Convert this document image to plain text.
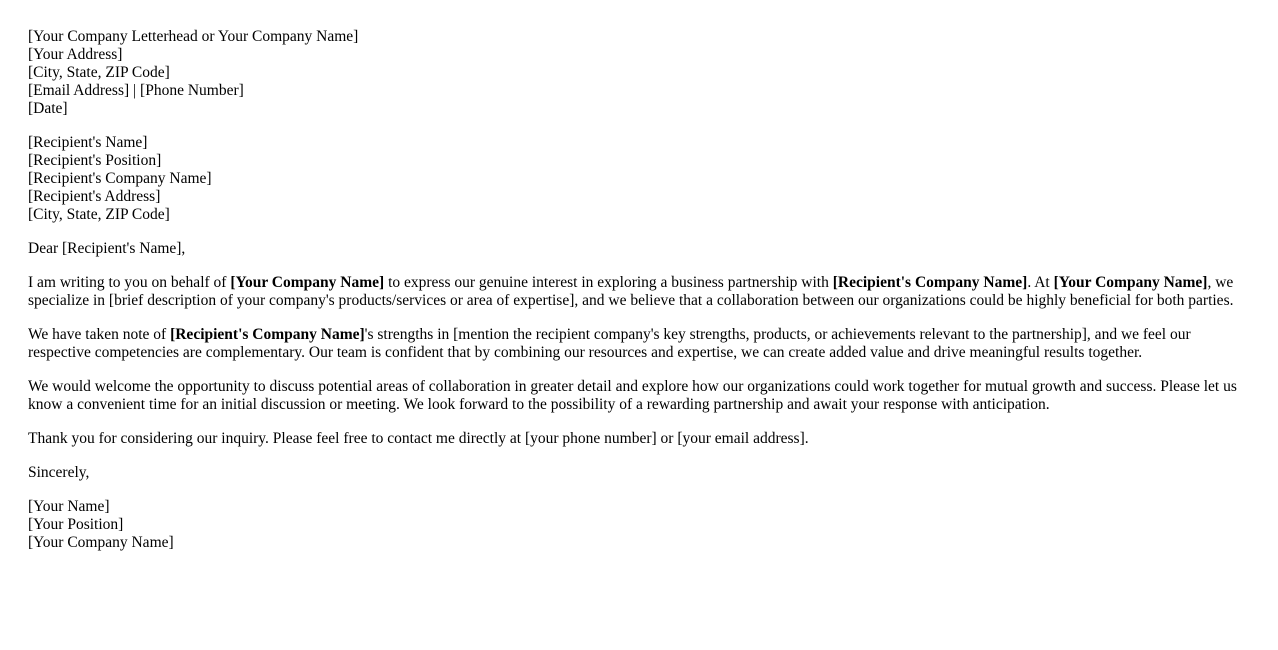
[Your Company Letterhead or Your Company Name]
[Your Address]
[City, State, ZIP Code]
[Email Address] | [Phone Number]
[Date]
[Recipient's Name]
[Recipient's Position]
[Recipient's Company Name]
[Recipient's Address]
[City, State, ZIP Code]

Dear [Recipient's Name],

I am writing to you on behalf of [Your Company Name] to express our genuine interest in exploring a business partnership with [Recipient's Company Name]. At [Your Company Name], we specialize in [brief description of your company's products/services or area of expertise], and we believe that a collaboration between our organizations could be highly beneficial for both parties.

We have taken note of [Recipient's Company Name]'s strengths in [mention the recipient company's key strengths, products, or achievements relevant to the partnership], and we feel our respective competencies are complementary. Our team is confident that by combining our resources and expertise, we can create added value and drive meaningful results together.

We would welcome the opportunity to discuss potential areas of collaboration in greater detail and explore how our organizations could work together for mutual growth and success. Please let us know a convenient time for an initial discussion or meeting. We look forward to the possibility of a rewarding partnership and await your response with anticipation.

Thank you for considering our inquiry. Please feel free to contact me directly at [your phone number] or [your email address].

Sincerely,

[Your Name]
[Your Position]
[Your Company Name]
